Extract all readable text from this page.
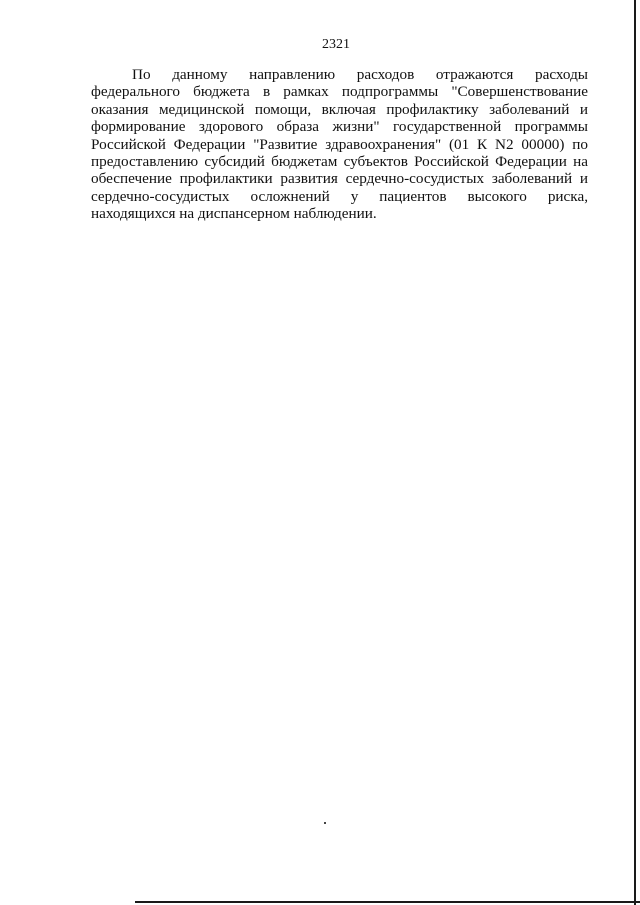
2321

По данному направлению расходов отражаются расходы федерального бюджета в рамках подпрограммы "Совершенствование оказания медицинской помощи, включая профилактику заболеваний и формирование здорового образа жизни" государственной программы Российской Федерации "Развитие здравоохранения" (01 К N2 00000) по предоставлению субсидий бюджетам субъектов Российской Федерации на обеспечение профилактики развития сердечно-сосудистых заболеваний и сердечно-сосудистых осложнений у пациентов высокого риска, находящихся на диспансерном наблюдении.
